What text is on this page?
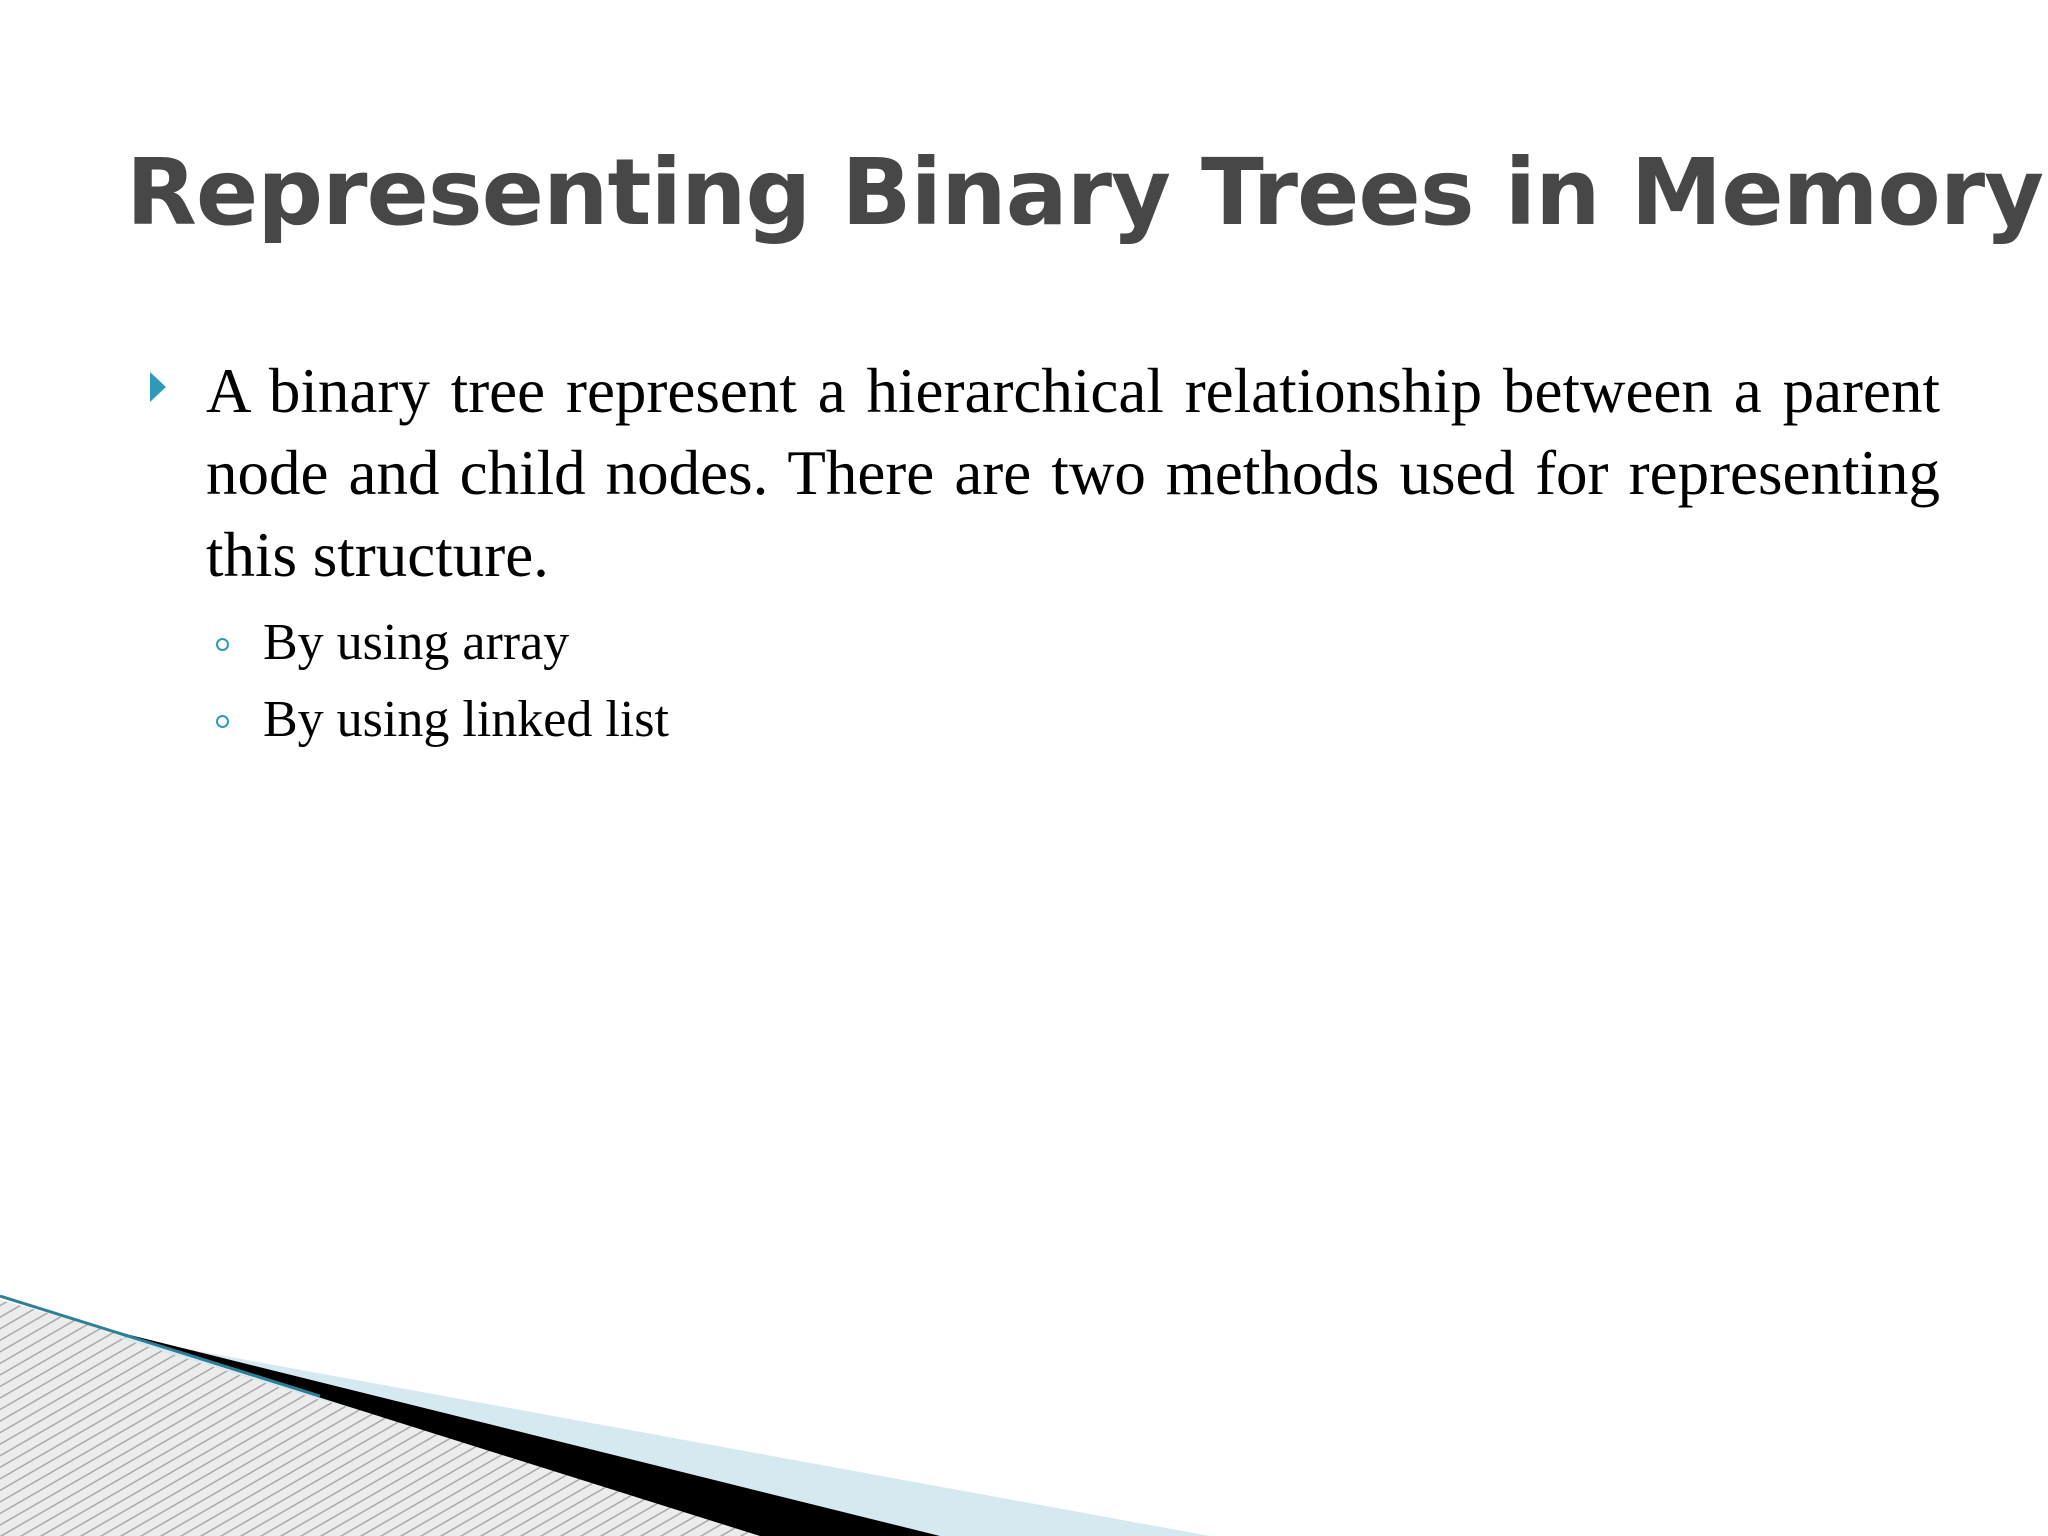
Representing Binary Trees in Memory
A binary tree represent a hierarchical relationship between a parent node and child nodes. There are two methods used for representing this structure.
By using array
By using linked list
